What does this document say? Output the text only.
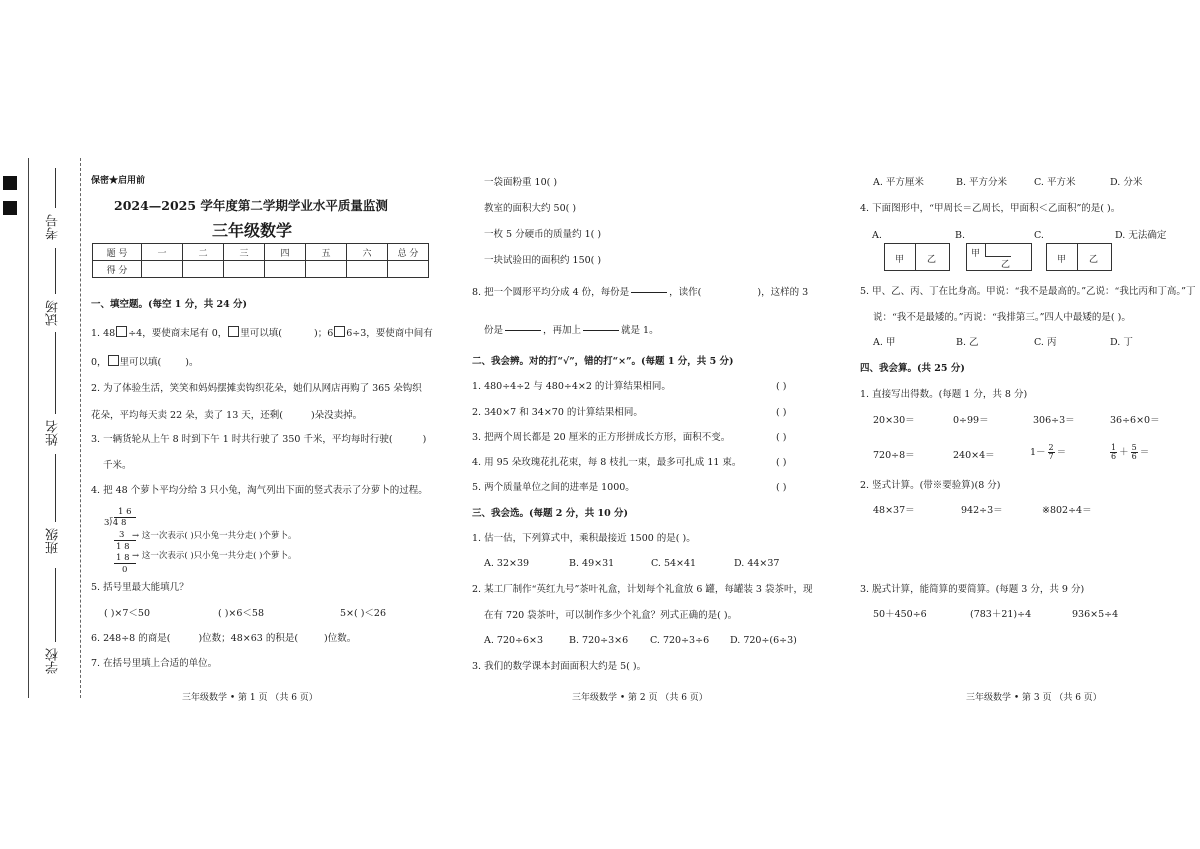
考号
试场
姓名
班级
学校
保密★启用前
2024—2025 学年度第二学期学业水平质量监测
三年级数学
题 号	一	二	三	四	五	六	总 分
得 分							
一、填空题。(每空 1 分，共 24 分)
1. 48 ÷4，要使商末尾有 0， 里可以填(	)；6 6÷3，要使商中间有
0， 里可以填(	)。
2. 为了体验生活，笑笑和妈妈摆摊卖钩织花朵，她们从网店再购了 365 朵钩织
花朵，平均每天卖 22 朵，卖了 13 天，还剩(	)朵没卖掉。
3. 一辆货轮从上午 8 时到下午 1 时共行驶了 350 千米，平均每时行驶(	)
千米。
4. 把 48 个萝卜平均分给 3 只小兔，淘气列出下面的竖式表示了分萝卜的过程。
1 6
3⟌4 8
3
1 8
1 8
0
→ 这一次表示( )只小兔一共分走( )个萝卜。
→ 这一次表示( )只小兔一共分走( )个萝卜。
5. 括号里最大能填几？
( )×7＜50	( )×6＜58	5×( )＜26
6. 248÷8 的商是(	)位数；48×63 的积是(	)位数。
7. 在括号里填上合适的单位。
三年级数学 • 第 1 页 （共 6 页）
一袋面粉重 10( )
教室的面积大约 50( )
一枚 5 分硬币的质量约 1( )
一块试验田的面积约 150( )
8. 把一个圆形平均分成 4 份，每份是

	，读作(	)，这样的 3
份是

	，再加上

	就是 1。
二、我会辨。对的打“√”，错的打“×”。(每题 1 分，共 5 分)
1. 480÷4÷2 与 480÷4×2 的计算结果相同。
2. 340×7 和 34×70 的计算结果相同。
3. 把两个周长都是 20 厘米的正方形拼成长方形，面积不变。
4. 用 95 朵玫瑰花扎花束，每 8 枝扎一束，最多可扎成 11 束。
5. 两个质量单位之间的进率是 1000。
( )
( )
( )
( )
( )
三、我会选。(每题 2 分，共 10 分)
1. 估一估，下列算式中，乘积最接近 1500 的是( )。
A. 32×39	B. 49×31	C. 54×41	D. 44×37
2. 某工厂制作“英红九号”茶叶礼盒，计划每个礼盒放 6 罐，每罐装 3 袋茶叶，现
在有 720 袋茶叶，可以制作多少个礼盒？列式正确的是( )。
A. 720÷6×3	B. 720÷3×6 C. 720÷3÷6 D. 720÷(6÷3)
3. 我们的数学课本封面面积大约是 5( )。
三年级数学 • 第 2 页 （共 6 页）
A. 平方厘米	B. 平方分米	C. 平方米	D. 分米
4. 下面图形中，“甲周长＝乙周长，甲面积＜乙面积”的是( )。
A.
甲	乙
B.
甲
乙
C.
甲	乙
D. 无法确定
5. 甲、乙、丙、丁在比身高。甲说：“我不是最高的。”乙说：“我比丙和丁高。”丁
说：“我不是最矮的。”丙说：“我排第三。”四人中最矮的是( )。
A. 甲	B. 乙	C. 丙	D. 丁
四、我会算。(共 25 分)
1. 直接写出得数。(每题 1 分，共 8 分)
20×30＝	0÷99＝	306÷3＝	36÷6×0＝
720÷8＝	240×4＝	$1- \frac{2}{7}$ ＝	$\frac{1}{6} + \frac{5}{6}$ ＝
2. 竖式计算。(带※要验算)(8 分)
48×37＝	942÷3＝	※802÷4＝
3. 脱式计算，能简算的要简算。(每题 3 分，共 9 分)
50＋450÷6	(783＋21)÷4	936×5÷4
三年级数学 • 第 3 页 （共 6 页）
